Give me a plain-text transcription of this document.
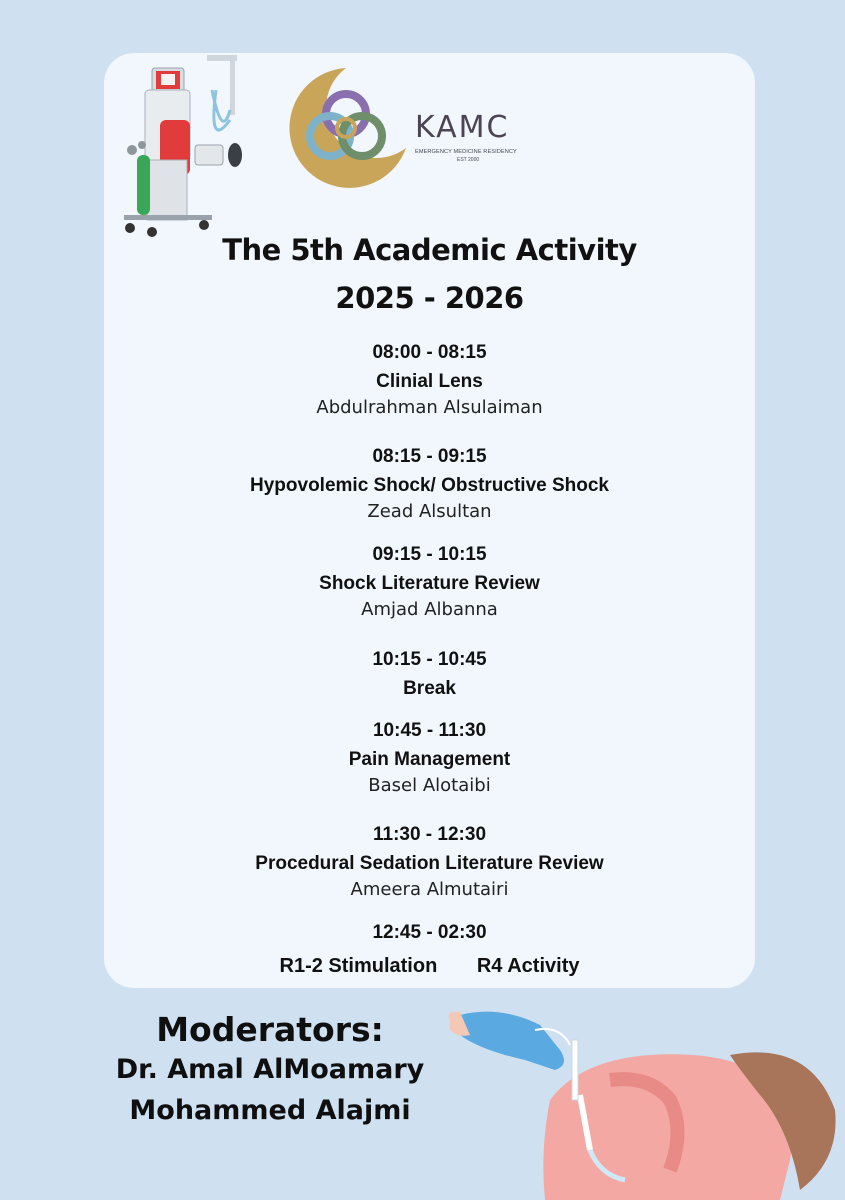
KAMC
EMERGENCY MEDICINE RESIDENCY
EST 2000
The 5th Academic Activity
2025 - 2026
08:00 - 08:15
Clinial Lens
Abdulrahman Alsulaiman
08:15 - 09:15
Hypovolemic Shock/ Obstructive Shock
Zead Alsultan
09:15 - 10:15
Shock Literature Review
Amjad Albanna
10:15 - 10:45
Break
10:45 - 11:30
Pain Management
Basel Alotaibi
11:30 - 12:30
Procedural Sedation Literature Review
Ameera Almutairi
12:45 - 02:30
R1-2 Stimulation R4 Activity
Moderators:
Dr. Amal AlMoamary
Mohammed Alajmi
